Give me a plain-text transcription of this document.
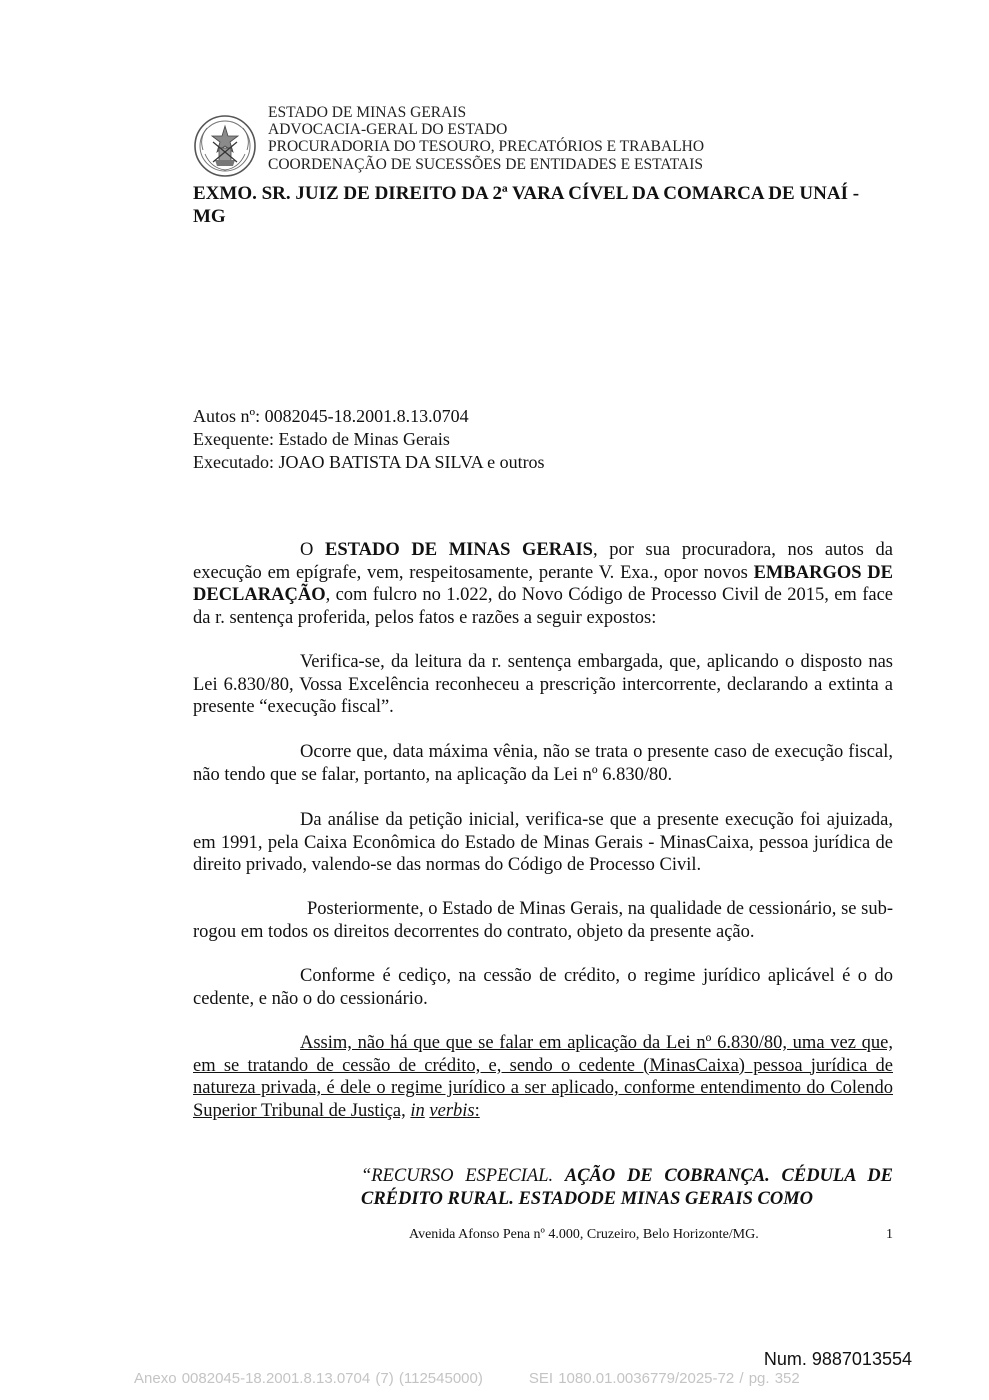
ESTADO DE MINAS GERAIS
ADVOCACIA-GERAL DO ESTADO
PROCURADORIA DO TESOURO, PRECATÓRIOS E TRABALHO
COORDENAÇÃO DE SUCESSÕES DE ENTIDADES E ESTATAIS
EXMO. SR. JUIZ DE DIREITO DA 2ª VARA CÍVEL DA COMARCA DE UNAÍ - MG
Autos nº: 0082045-18.2001.8.13.0704
Exequente: Estado de Minas Gerais
Executado: JOAO BATISTA DA SILVA e outros
O ESTADO DE MINAS GERAIS, por sua procuradora, nos autos da execução em epígrafe, vem, respeitosamente, perante V. Exa., opor novos EMBARGOS DE DECLARAÇÃO, com fulcro no 1.022, do Novo Código de Processo Civil de 2015, em face da r. sentença proferida, pelos fatos e razões a seguir expostos:
Verifica-se, da leitura da r. sentença embargada, que, aplicando o disposto nas Lei 6.830/80, Vossa Excelência reconheceu a prescrição intercorrente, declarando a extinta a presente “execução fiscal”.
Ocorre que, data máxima vênia, não se trata o presente caso de execução fiscal, não tendo que se falar, portanto, na aplicação da Lei nº 6.830/80.
Da análise da petição inicial, verifica-se que a presente execução foi ajuizada, em 1991, pela Caixa Econômica do Estado de Minas Gerais - MinasCaixa, pessoa jurídica de direito privado, valendo-se das normas do Código de Processo Civil.
Posteriormente, o Estado de Minas Gerais, na qualidade de cessionário, se sub-rogou em todos os direitos decorrentes do contrato, objeto da presente ação.
Conforme é cediço, na cessão de crédito, o regime jurídico aplicável é o do cedente, e não o do cessionário.
Assim, não há que que se falar em aplicação da Lei nº 6.830/80, uma vez que, em se tratando de cessão de crédito, e, sendo o cedente (MinasCaixa) pessoa jurídica de natureza privada, é dele o regime jurídico a ser aplicado, conforme entendimento do Colendo Superior Tribunal de Justiça, in verbis:
“RECURSO ESPECIAL. AÇÃO DE COBRANÇA. CÉDULA DE CRÉDITO RURAL. ESTADODE MINAS GERAIS COMO
Avenida Afonso Pena nº 4.000, Cruzeiro, Belo Horizonte/MG.	1
Num. 9887013554
Anexo 0082045-18.2001.8.13.0704 (7) (112545000)	SEI 1080.01.0036779/2025-72 / pg. 352
